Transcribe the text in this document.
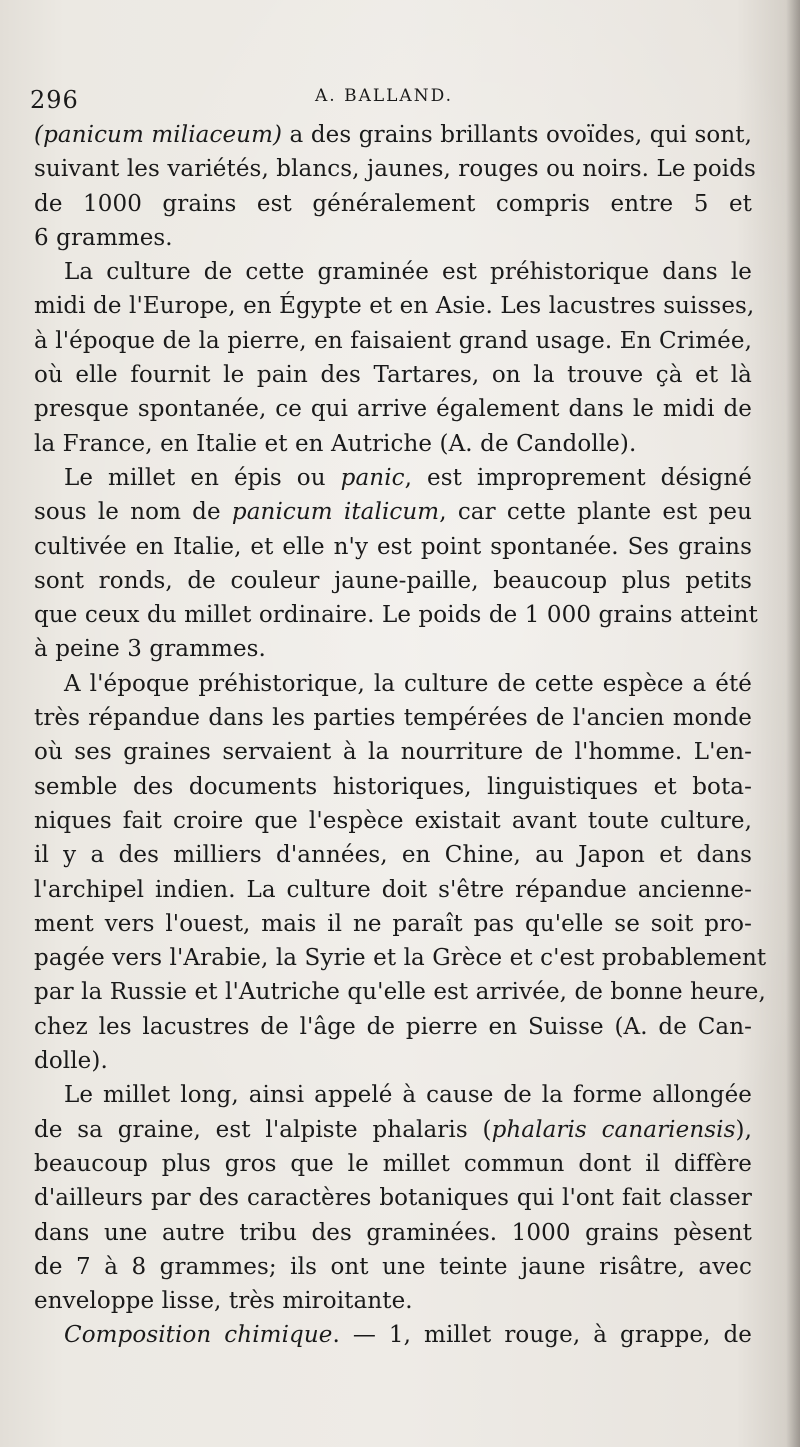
296	A. BALLAND.
(panicum miliaceum) a des grains brillants ovoïdes, qui sont,
suivant les variétés, blancs, jaunes, rouges ou noirs. Le poids
de 1000 grains est généralement compris entre 5 et
6 grammes.
La culture de cette graminée est préhistorique dans le
midi de l'Europe, en Égypte et en Asie. Les lacustres suisses,
à l'époque de la pierre, en faisaient grand usage. En Crimée,
où elle fournit le pain des Tartares, on la trouve çà et là
presque spontanée, ce qui arrive également dans le midi de
la France, en Italie et en Autriche (A. de Candolle).
Le millet en épis ou panic, est improprement désigné
sous le nom de panicum italicum, car cette plante est peu
cultivée en Italie, et elle n'y est point spontanée. Ses grains
sont ronds, de couleur jaune-paille, beaucoup plus petits
que ceux du millet ordinaire. Le poids de 1 000 grains atteint
à peine 3 grammes.
A l'époque préhistorique, la culture de cette espèce a été
très répandue dans les parties tempérées de l'ancien monde
où ses graines servaient à la nourriture de l'homme. L'en-
semble des documents historiques, linguistiques et bota-
niques fait croire que l'espèce existait avant toute culture,
il y a des milliers d'années, en Chine, au Japon et dans
l'archipel indien. La culture doit s'être répandue ancienne-
ment vers l'ouest, mais il ne paraît pas qu'elle se soit pro-
pagée vers l'Arabie, la Syrie et la Grèce et c'est probablement
par la Russie et l'Autriche qu'elle est arrivée, de bonne heure,
chez les lacustres de l'âge de pierre en Suisse (A. de Can-
dolle).
Le millet long, ainsi appelé à cause de la forme allongée
de sa graine, est l'alpiste phalaris (phalaris canariensis),
beaucoup plus gros que le millet commun dont il diffère
d'ailleurs par des caractères botaniques qui l'ont fait classer
dans une autre tribu des graminées. 1000 grains pèsent
de 7 à 8 grammes; ils ont une teinte jaune risâtre, avec
enveloppe lisse, très miroitante.
Composition chimique. — 1, millet rouge, à grappe, de
